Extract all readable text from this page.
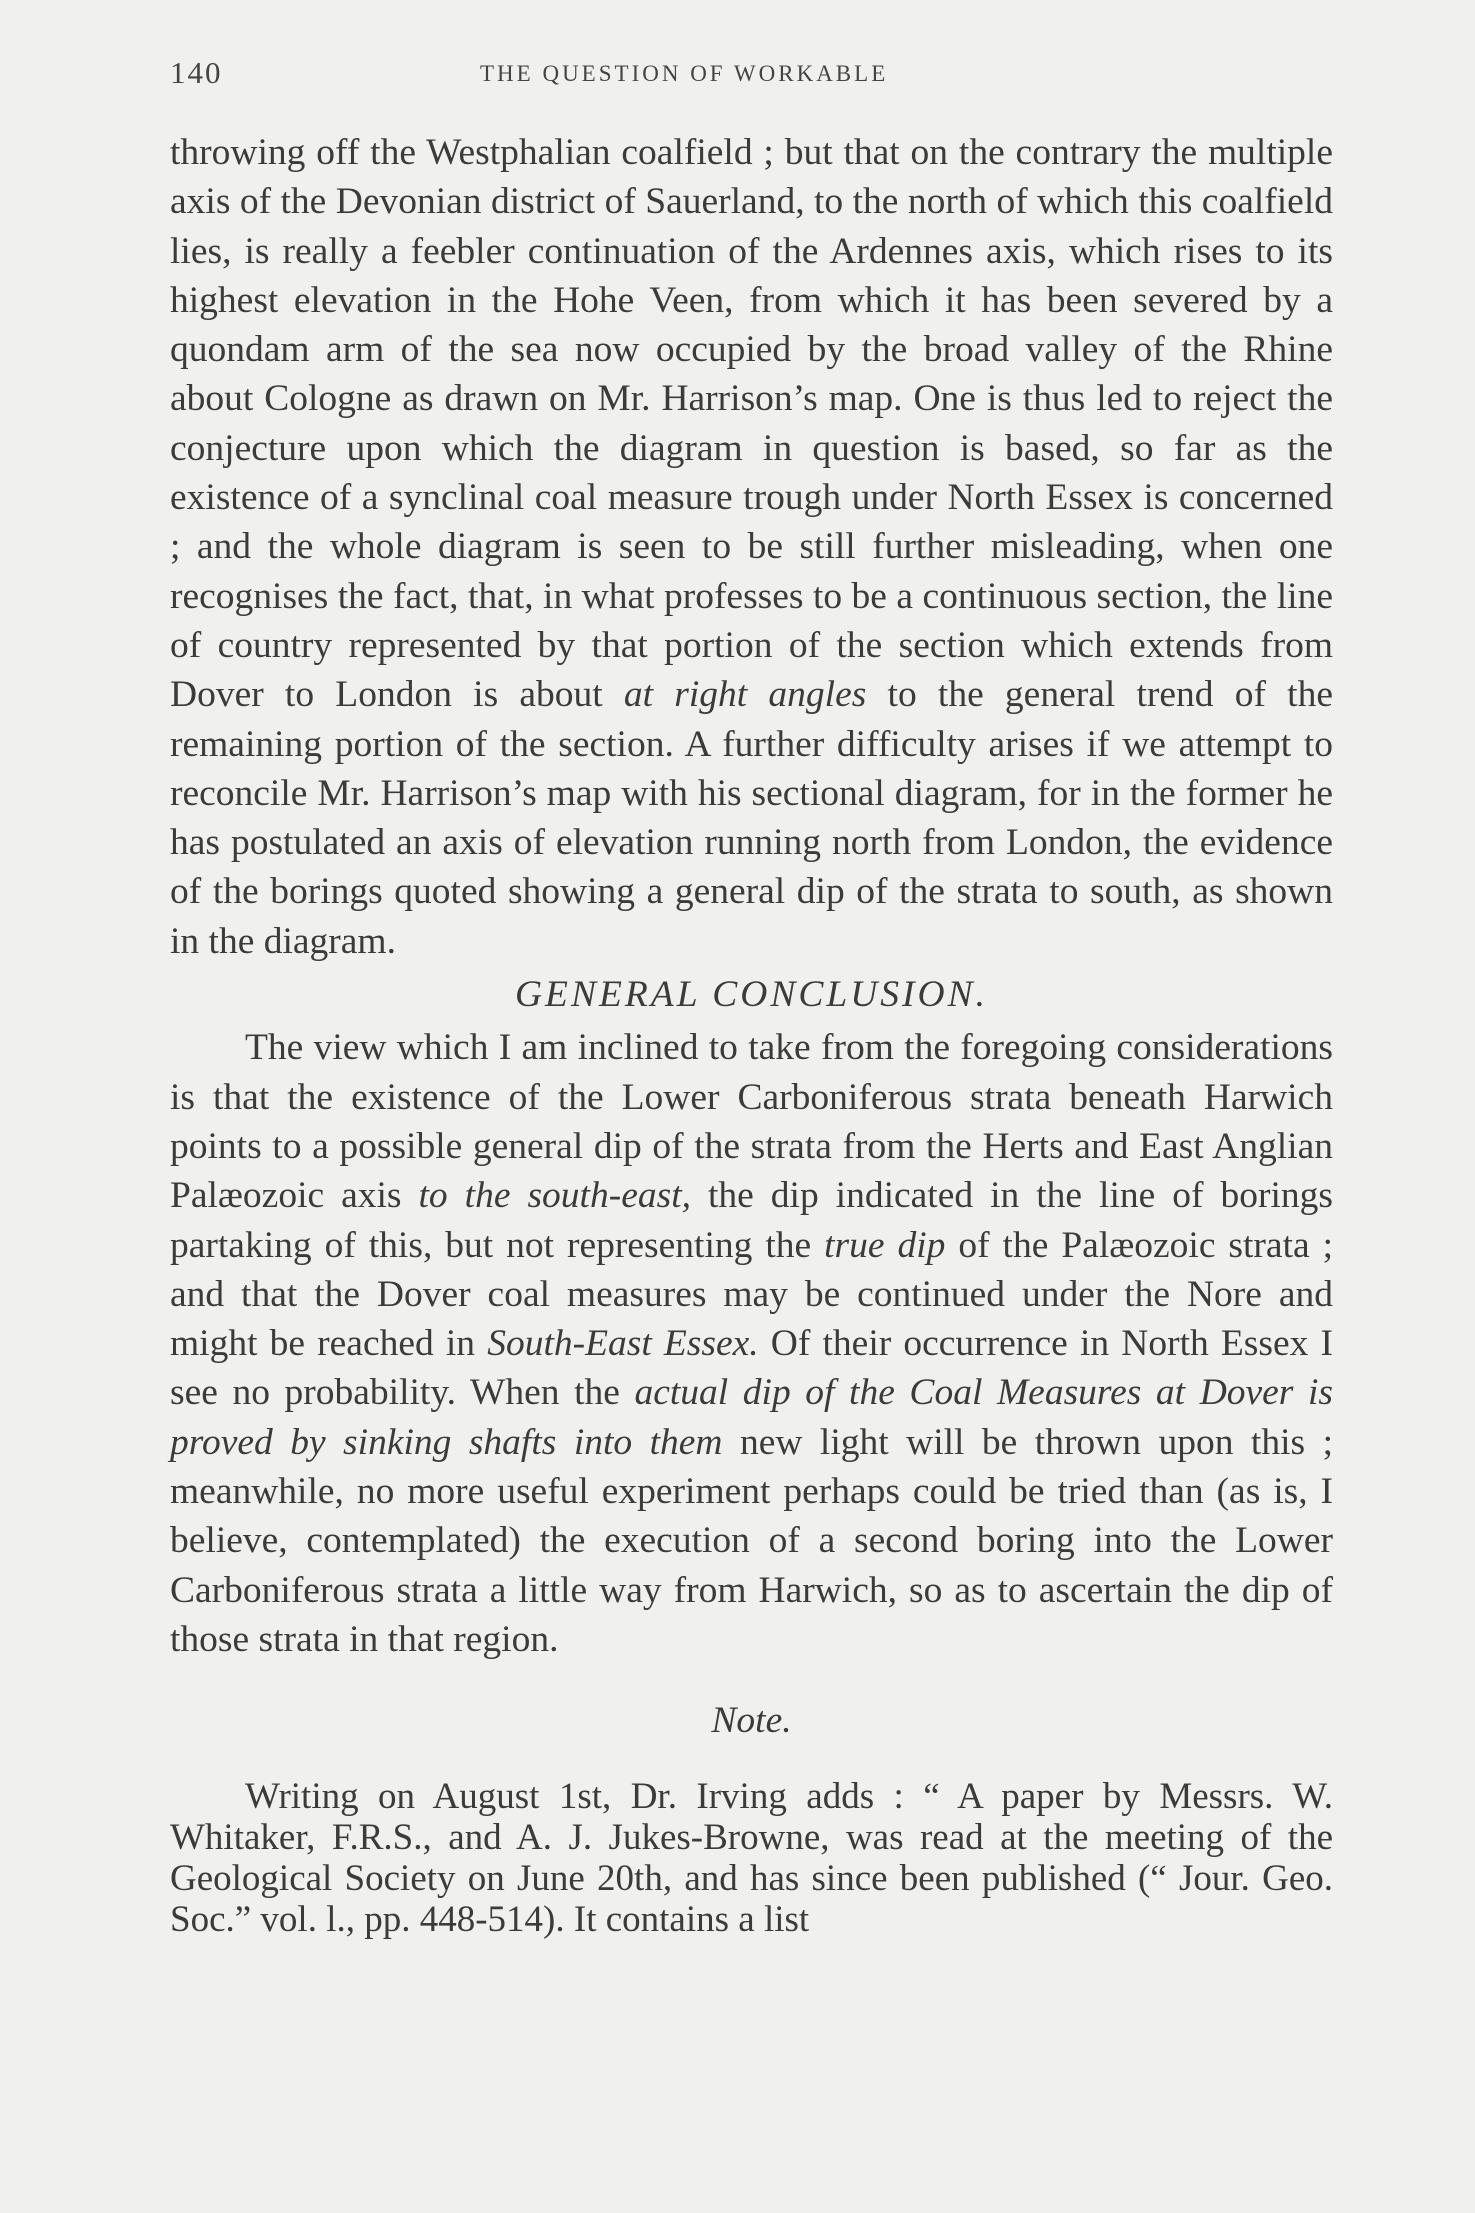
140	THE QUESTION OF WORKABLE

throwing off the Westphalian coalfield ; but that on the contrary the multiple axis of the Devonian district of Sauerland, to the north of which this coalfield lies, is really a feebler continuation of the Ardennes axis, which rises to its highest elevation in the Hohe Veen, from which it has been severed by a quondam arm of the sea now occupied by the broad valley of the Rhine about Cologne as drawn on Mr. Harrison’s map. One is thus led to reject the conjecture upon which the diagram in question is based, so far as the existence of a synclinal coal measure trough under North Essex is concerned ; and the whole diagram is seen to be still further misleading, when one recognises the fact, that, in what professes to be a continuous section, the line of country represented by that portion of the section which extends from Dover to London is about at right angles to the general trend of the remaining portion of the section. A further difficulty arises if we attempt to reconcile Mr. Harrison’s map with his sectional diagram, for in the former he has postulated an axis of elevation running north from London, the evidence of the borings quoted showing a general dip of the strata to south, as shown in the diagram.

GENERAL CONCLUSION.

The view which I am inclined to take from the foregoing considerations is that the existence of the Lower Carboniferous strata beneath Harwich points to a possible general dip of the strata from the Herts and East Anglian Palæozoic axis to the south-east, the dip indicated in the line of borings partaking of this, but not representing the true dip of the Palæozoic strata ; and that the Dover coal measures may be continued under the Nore and might be reached in South-East Essex. Of their occurrence in North Essex I see no probability. When the actual dip of the Coal Measures at Dover is proved by sinking shafts into them new light will be thrown upon this ; meanwhile, no more useful experiment perhaps could be tried than (as is, I believe, contemplated) the execution of a second boring into the Lower Carboniferous strata a little way from Harwich, so as to ascertain the dip of those strata in that region.

Note.

Writing on August 1st, Dr. Irving adds : “ A paper by Messrs. W. Whitaker, F.R.S., and A. J. Jukes-Browne, was read at the meeting of the Geological Society on June 20th, and has since been published (“ Jour. Geo. Soc.” vol. l., pp. 448-514). It contains a list
